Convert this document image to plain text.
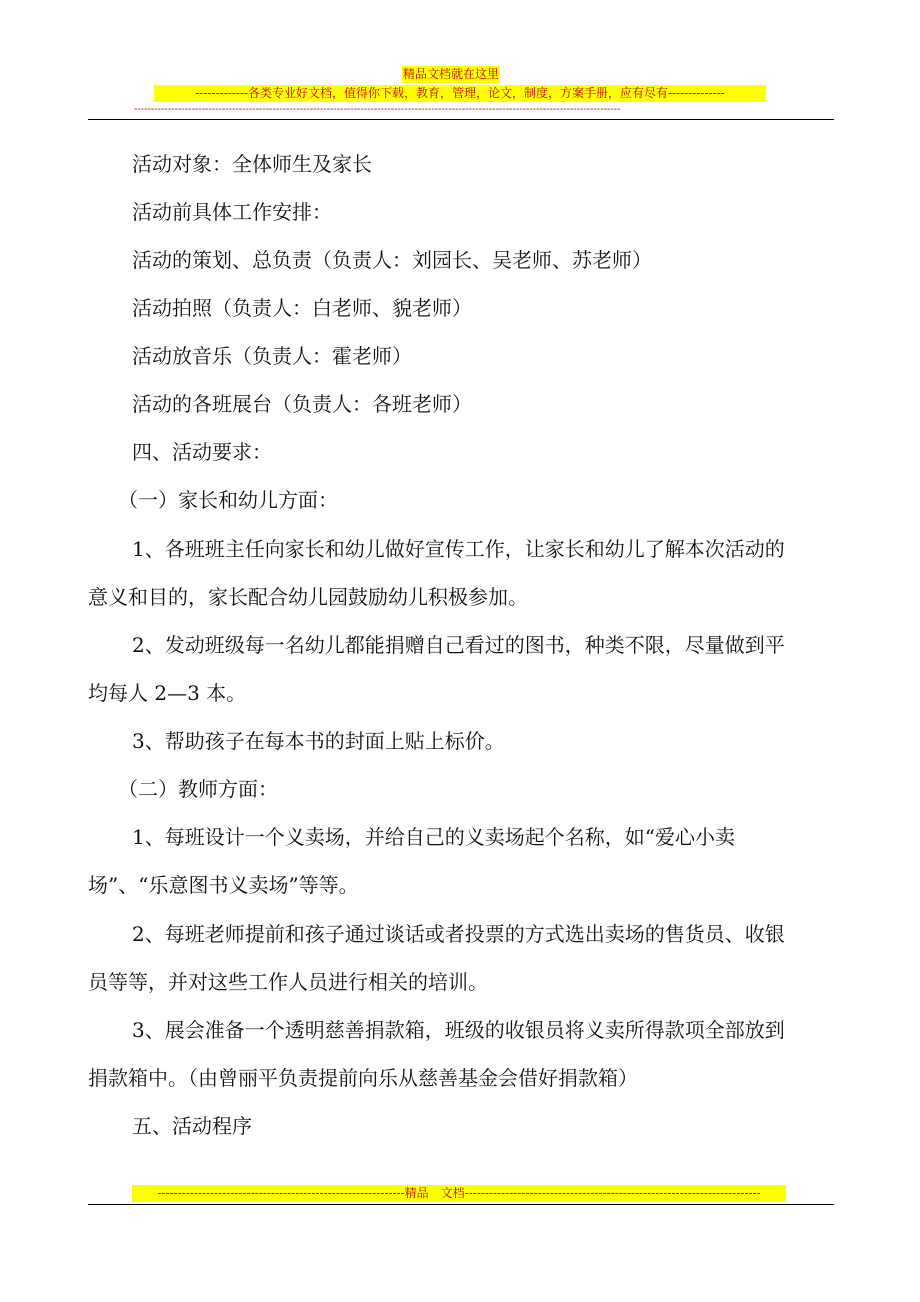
精品文档就在这里
-------------各类专业好文档，值得你下载，教育，管理，论文，制度，方案手册，应有尽有--------------
------------------------------------------------------------------------------------------------------------------------------------------------
活动对象：全体师生及家长
活动前具体工作安排：
活动的策划、总负责（负责人：刘园长、吴老师、苏老师）
活动拍照（负责人：白老师、貌老师）
活动放音乐（负责人：霍老师）
活动的各班展台（负责人：各班老师）
四、活动要求：
（一）家长和幼儿方面：
1、各班班主任向家长和幼儿做好宣传工作，让家长和幼儿了解本次活动的
意义和目的，家长配合幼儿园鼓励幼儿积极参加。
2、发动班级每一名幼儿都能捐赠自己看过的图书，种类不限，尽量做到平
均每人 2—3 本。
3、帮助孩子在每本书的封面上贴上标价。
（二）教师方面：
1、每班设计一个义卖场，并给自己的义卖场起个名称，如“爱心小卖
场”、“乐意图书义卖场”等等。
2、每班老师提前和孩子通过谈话或者投票的方式选出卖场的售货员、收银
员等等，并对这些工作人员进行相关的培训。
3、展会准备一个透明慈善捐款箱，班级的收银员将义卖所得款项全部放到
捐款箱中。（由曾丽平负责提前向乐从慈善基金会借好捐款箱）
五、活动程序
-------------------------------------------------------------精品　文档-------------------------------------------------------------------------
